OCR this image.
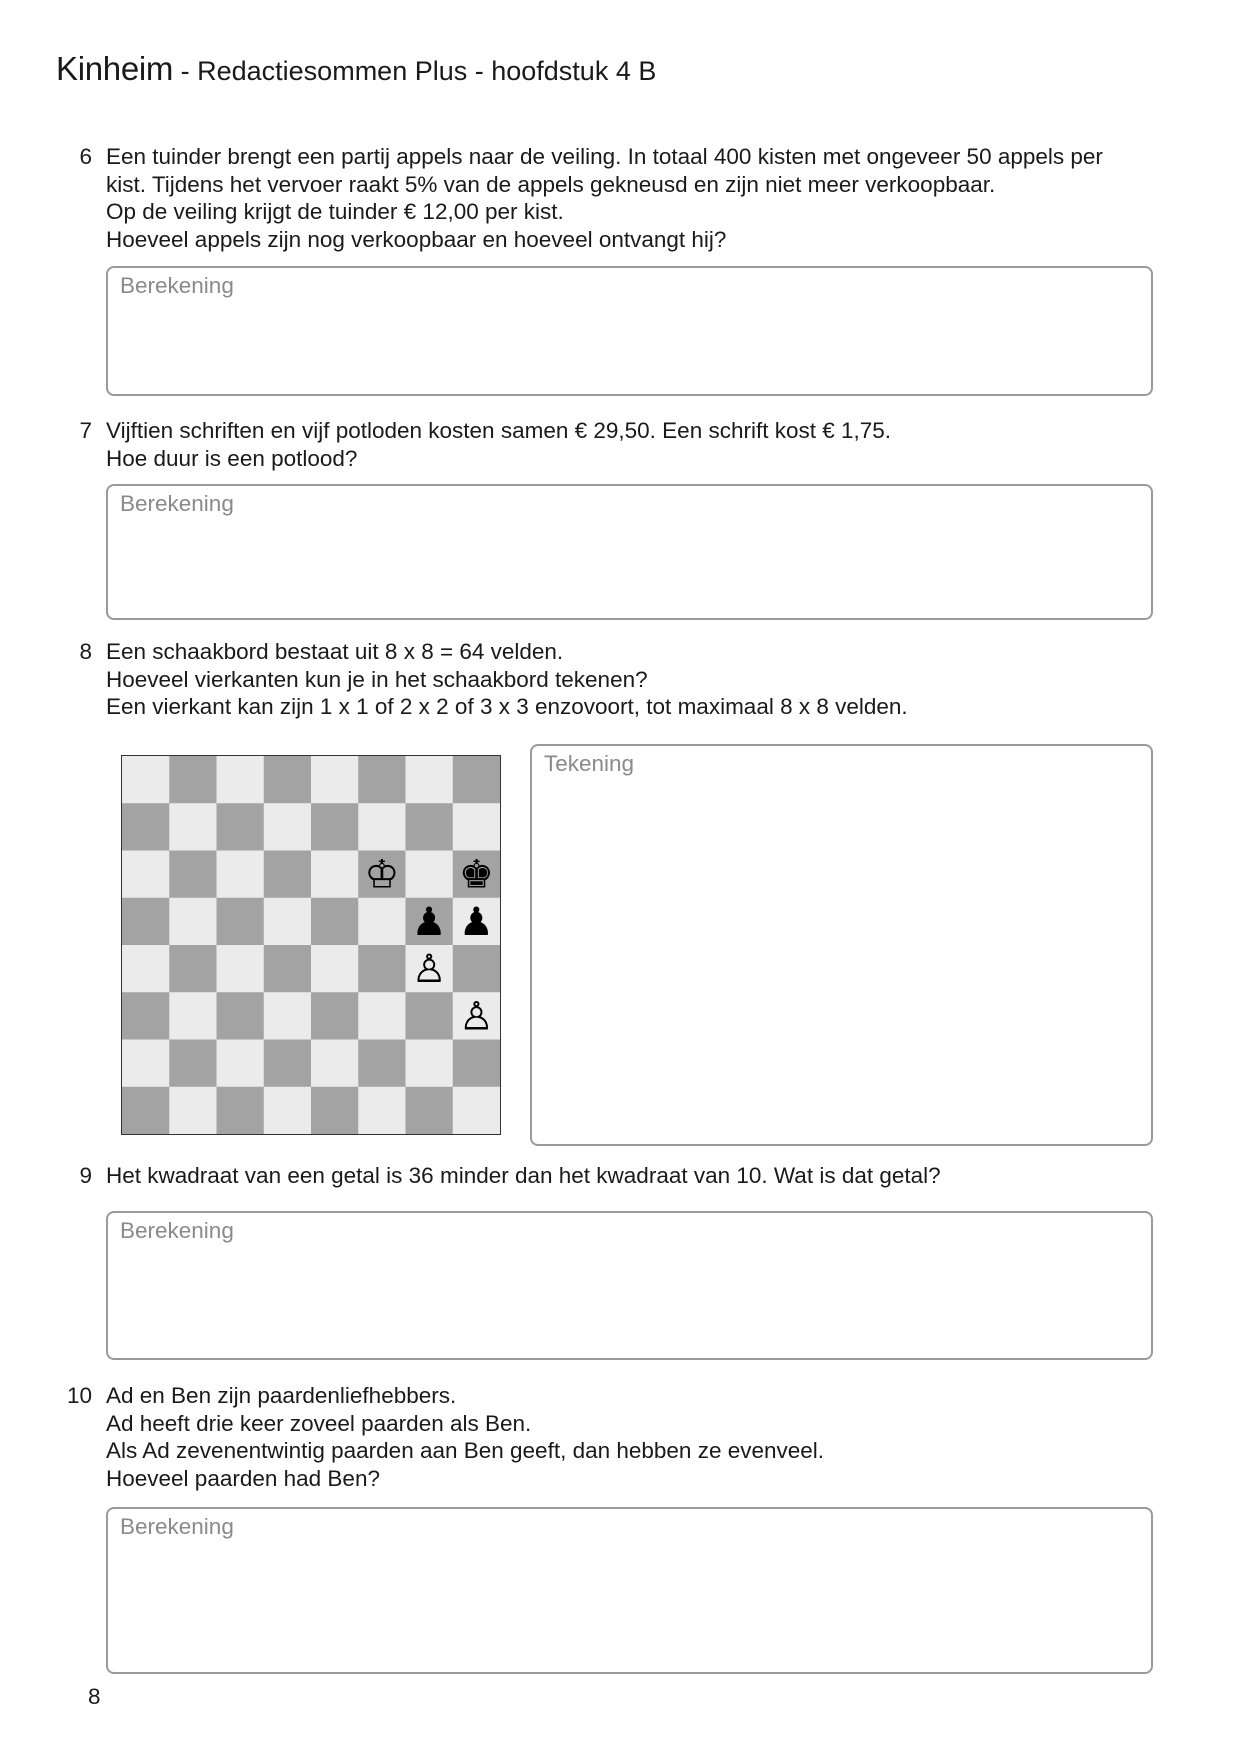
Kinheim - Redactiesommen Plus - hoofdstuk 4 B
6 Een tuinder brengt een partij appels naar de veiling. In totaal 400 kisten met ongeveer 50 appels per
kist. Tijdens het vervoer raakt 5% van de appels gekneusd en zijn niet meer verkoopbaar.
Op de veiling krijgt de tuinder € 12,00 per kist.
Hoeveel appels zijn nog verkoopbaar en hoeveel ontvangt hij?
Berekening
7 Vijftien schriften en vijf potloden kosten samen € 29,50. Een schrift kost € 1,75.
Hoe duur is een potlood?
Berekening
8 Een schaakbord bestaat uit 8 x 8 = 64 velden.
Hoeveel vierkanten kun je in het schaakbord tekenen?
Een vierkant kan zijn 1 x 1 of 2 x 2 of 3 x 3 enzovoort, tot maximaal 8 x 8 velden.
♔ ♚
♟ ♟
♙
♙
Tekening
9 Het kwadraat van een getal is 36 minder dan het kwadraat van 10. Wat is dat getal?
Berekening
10 Ad en Ben zijn paardenliefhebbers.
Ad heeft drie keer zoveel paarden als Ben.
Als Ad zevenentwintig paarden aan Ben geeft, dan hebben ze evenveel.
Hoeveel paarden had Ben?
Berekening
8
